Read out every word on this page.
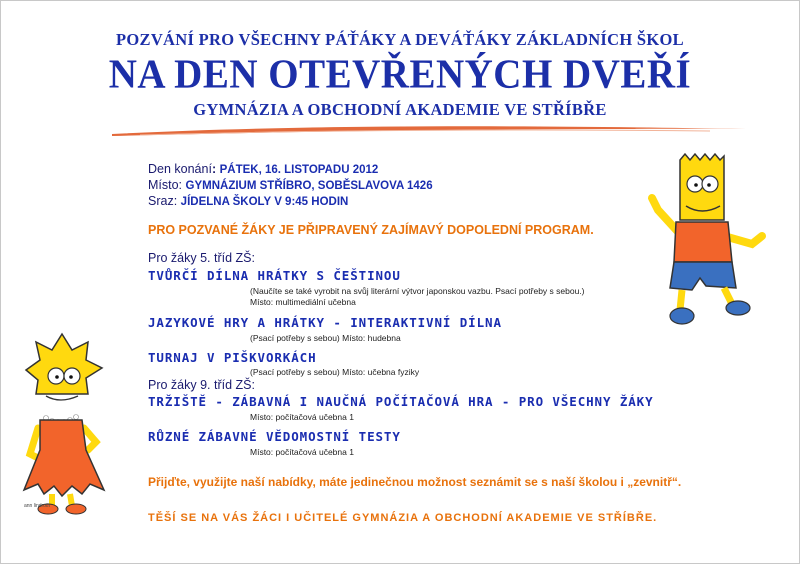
POZVÁNÍ PRO VŠECHNY PÁŤÁKY A DEVÁŤÁKY ZÁKLADNÍCH ŠKOL
NA DEN OTEVŘENÝCH DVEŘÍ
GYMNÁZIA A OBCHODNÍ AKADEMIE VE STŘÍBŘE
Den konání: PÁTEK, 16. LISTOPADU 2012
Místo: GYMNÁZIUM STŘÍBRO, SOBĚSLAVOVA 1426
Sraz: JÍDELNA ŠKOLY V 9:45 HODIN
PRO POZVANÉ ŽÁKY JE PŘIPRAVENÝ ZAJÍMAVÝ DOPOLEDNÍ PROGRAM.
Pro žáky 5. tříd ZŠ:
TVŮRČÍ DÍLNA HRÁTKY S ČEŠTINOU
(Naučíte se také vyrobit na svůj literární výtvor japonskou vazbu. Psací potřeby s sebou.)
Místo: multimediální učebna
JAZYKOVÉ HRY A HRÁTKY - INTERAKTIVNÍ DÍLNA
(Psací potřeby s sebou) Místo: hudebna
TURNAJ V PIŠKVORKÁCH
(Psací potřeby s sebou) Místo: učebna fyziky
Pro žáky 9. tříd ZŠ:
TRŽIŠTĚ - ZÁBAVNÁ I NAUČNÁ POČÍTAČOVÁ HRA - PRO VŠECHNY ŽÁKY
Místo: počítačová učebna 1
RŮZNÉ ZÁBAVNÉ VĚDOMOSTNÍ TESTY
Místo: počítačová učebna 1
Přijďte, využijte naší nabídky, máte jedinečnou možnost seznámit se s naší školou i „zevnitř“.
TĚŠÍ SE NA VÁS ŽÁCI I UČITELÉ GYMNÁZIA A OBCHODNÍ AKADEMIE VE STŘÍBŘE.
ann lindroth
